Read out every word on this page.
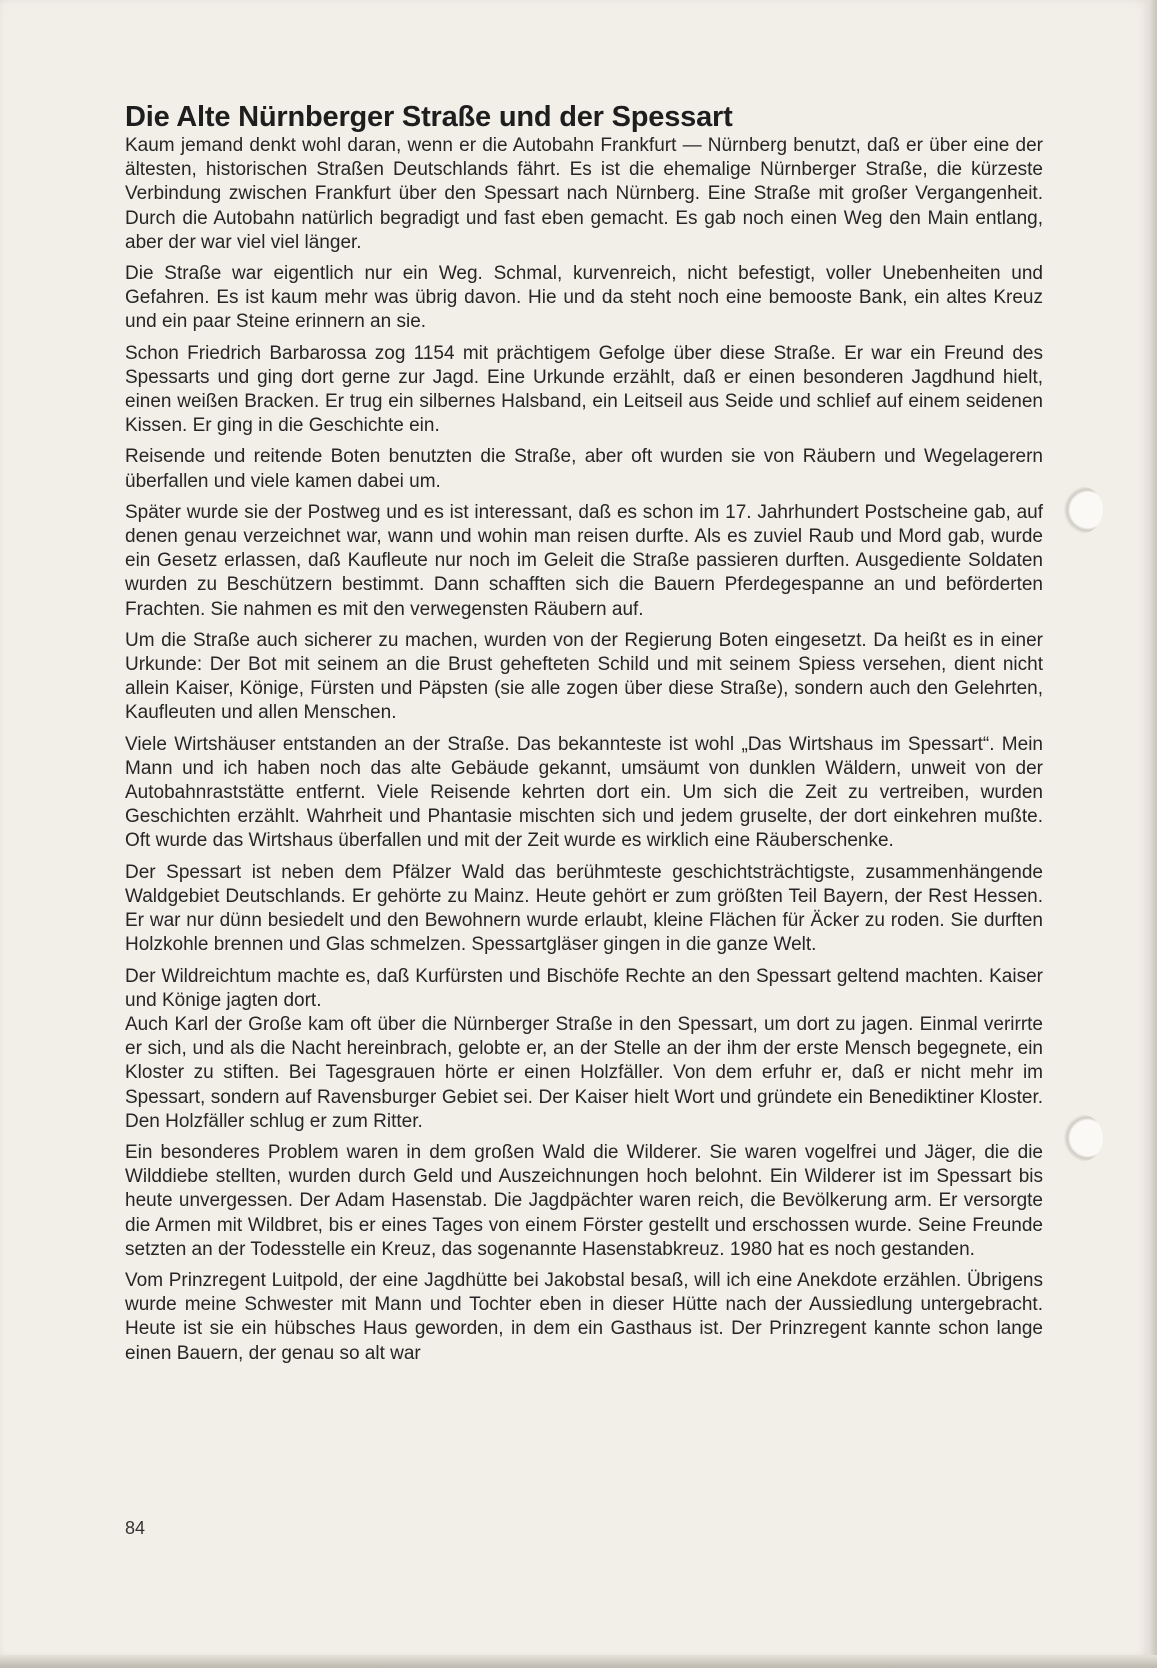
Die Alte Nürnberger Straße und der Spessart

Kaum jemand denkt wohl daran, wenn er die Autobahn Frankfurt — Nürnberg benutzt, daß er über eine der ältesten, historischen Straßen Deutschlands fährt. Es ist die ehemalige Nürnberger Straße, die kürzeste Verbindung zwischen Frankfurt über den Spessart nach Nürnberg. Eine Straße mit großer Vergangenheit. Durch die Autobahn natürlich begradigt und fast eben gemacht. Es gab noch einen Weg den Main entlang, aber der war viel viel länger.

Die Straße war eigentlich nur ein Weg. Schmal, kurvenreich, nicht befestigt, voller Unebenheiten und Gefahren. Es ist kaum mehr was übrig davon. Hie und da steht noch eine bemooste Bank, ein altes Kreuz und ein paar Steine erinnern an sie.

Schon Friedrich Barbarossa zog 1154 mit prächtigem Gefolge über diese Straße. Er war ein Freund des Spessarts und ging dort gerne zur Jagd. Eine Urkunde erzählt, daß er einen besonderen Jagdhund hielt, einen weißen Bracken. Er trug ein silbernes Halsband, ein Leitseil aus Seide und schlief auf einem seidenen Kissen. Er ging in die Geschichte ein.

Reisende und reitende Boten benutzten die Straße, aber oft wurden sie von Räubern und Wegelagerern überfallen und viele kamen dabei um.

Später wurde sie der Postweg und es ist interessant, daß es schon im 17. Jahrhundert Postscheine gab, auf denen genau verzeichnet war, wann und wohin man reisen durfte. Als es zuviel Raub und Mord gab, wurde ein Gesetz erlassen, daß Kaufleute nur noch im Geleit die Straße passieren durften. Ausgediente Soldaten wurden zu Beschützern bestimmt. Dann schafften sich die Bauern Pferdegespanne an und beförderten Frachten. Sie nahmen es mit den verwegensten Räubern auf.

Um die Straße auch sicherer zu machen, wurden von der Regierung Boten eingesetzt. Da heißt es in einer Urkunde: Der Bot mit seinem an die Brust gehefteten Schild und mit seinem Spiess versehen, dient nicht allein Kaiser, Könige, Fürsten und Päpsten (sie alle zogen über diese Straße), sondern auch den Gelehrten, Kaufleuten und allen Menschen.

Viele Wirtshäuser entstanden an der Straße. Das bekannteste ist wohl „Das Wirtshaus im Spessart“. Mein Mann und ich haben noch das alte Gebäude gekannt, umsäumt von dunklen Wäldern, unweit von der Autobahnraststätte entfernt. Viele Reisende kehrten dort ein. Um sich die Zeit zu vertreiben, wurden Geschichten erzählt. Wahrheit und Phantasie mischten sich und jedem gruselte, der dort einkehren mußte. Oft wurde das Wirtshaus überfallen und mit der Zeit wurde es wirklich eine Räuberschenke.

Der Spessart ist neben dem Pfälzer Wald das berühmteste geschichtsträchtigste, zusammenhängende Waldgebiet Deutschlands. Er gehörte zu Mainz. Heute gehört er zum größten Teil Bayern, der Rest Hessen. Er war nur dünn besiedelt und den Bewohnern wurde erlaubt, kleine Flächen für Äcker zu roden. Sie durften Holzkohle brennen und Glas schmelzen. Spessartgläser gingen in die ganze Welt.

Der Wildreichtum machte es, daß Kurfürsten und Bischöfe Rechte an den Spessart geltend machten. Kaiser und Könige jagten dort.
Auch Karl der Große kam oft über die Nürnberger Straße in den Spessart, um dort zu jagen. Einmal verirrte er sich, und als die Nacht hereinbrach, gelobte er, an der Stelle an der ihm der erste Mensch begegnete, ein Kloster zu stiften. Bei Tagesgrauen hörte er einen Holzfäller. Von dem erfuhr er, daß er nicht mehr im Spessart, sondern auf Ravensburger Gebiet sei. Der Kaiser hielt Wort und gründete ein Benediktiner Kloster. Den Holzfäller schlug er zum Ritter.

Ein besonderes Problem waren in dem großen Wald die Wilderer. Sie waren vogelfrei und Jäger, die die Wilddiebe stellten, wurden durch Geld und Auszeichnungen hoch belohnt. Ein Wilderer ist im Spessart bis heute unvergessen. Der Adam Hasenstab. Die Jagdpächter waren reich, die Bevölkerung arm. Er versorgte die Armen mit Wildbret, bis er eines Tages von einem Förster gestellt und erschossen wurde. Seine Freunde setzten an der Todesstelle ein Kreuz, das sogenannte Hasenstabkreuz. 1980 hat es noch gestanden.

Vom Prinzregent Luitpold, der eine Jagdhütte bei Jakobstal besaß, will ich eine Anekdote erzählen. Übrigens wurde meine Schwester mit Mann und Tochter eben in dieser Hütte nach der Aussiedlung untergebracht. Heute ist sie ein hübsches Haus geworden, in dem ein Gasthaus ist. Der Prinzregent kannte schon lange einen Bauern, der genau so alt war

84
